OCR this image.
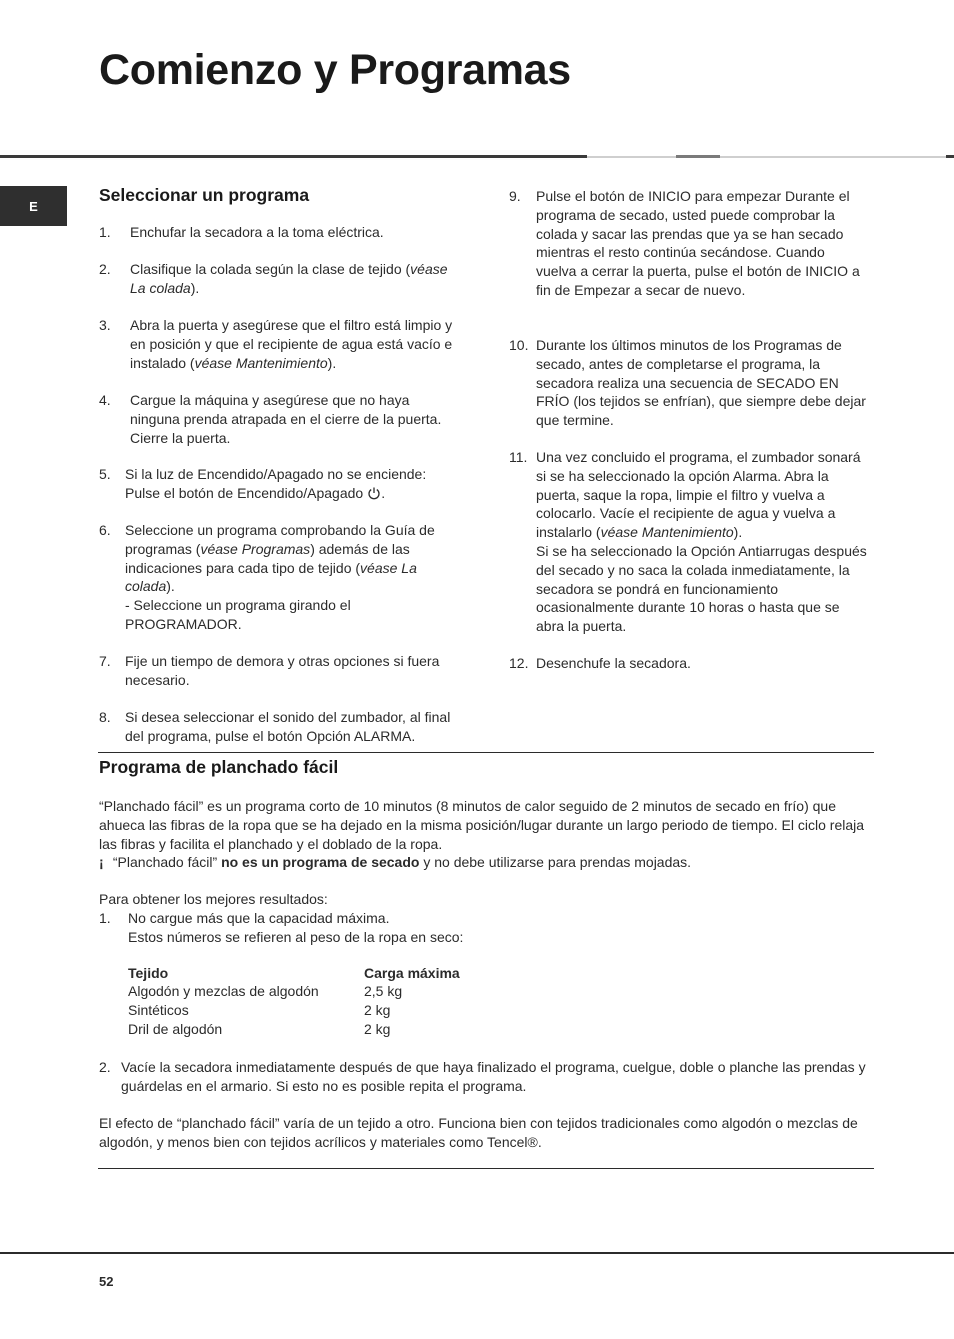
Comienzo y Programas
E
Seleccionar un programa
1.	Enchufar la secadora a la toma eléctrica.
2.	Clasifique la colada según la clase de tejido (véase La colada).
3.	Abra la puerta y asegúrese que el filtro está limpio y en posición y que el recipiente de agua está vacío e instalado (véase Mantenimiento).
4.	Cargue la máquina y asegúrese que no haya ninguna prenda atrapada en el cierre de la puerta. Cierre la puerta.
5.	Si la luz de Encendido/Apagado no se enciende: Pulse el botón de Encendido/Apagado .
6.	Seleccione un programa comprobando la Guía de programas (véase Programas) además de las indicaciones para cada tipo de tejido (véase La colada).
- Seleccione un programa girando el PROGRAMADOR.
7.	Fije un tiempo de demora y otras opciones si fuera necesario.
8.	Si desea seleccionar el sonido del zumbador, al final del programa, pulse el botón Opción ALARMA.
9.	Pulse el botón de INICIO para empezar Durante el programa de secado, usted puede comprobar la colada y sacar las prendas que ya se han secado mientras el resto continúa secándose. Cuando vuelva a cerrar la puerta, pulse el botón de INICIO a fin de Empezar a secar de nuevo.
10. Durante los últimos minutos de los Programas de secado, antes de completarse el programa, la secadora realiza una secuencia de SECADO EN FRÍO (los tejidos se enfrían), que siempre debe dejar que termine.
11. Una vez concluido el programa, el zumbador sonará si se ha seleccionado la opción Alarma. Abra la puerta, saque la ropa, limpie el filtro y vuelva a colocarlo. Vacíe el recipiente de agua y vuelva a instalarlo (véase Mantenimiento).
Si se ha seleccionado la Opción Antiarrugas después del secado y no saca la colada inmediatamente, la secadora se pondrá en funcionamiento ocasionalmente durante 10 horas o hasta que se abra la puerta.
12. Desenchufe la secadora.
Programa de planchado fácil
“Planchado fácil” es un programa corto de 10 minutos (8 minutos de calor seguido de 2 minutos de secado en frío) que ahueca las fibras de la ropa que se ha dejado en la misma posición/lugar durante un largo periodo de tiempo. El ciclo relaja las fibras y facilita el planchado y el doblado de la ropa.
¡ “Planchado fácil” no es un programa de secado y no debe utilizarse para prendas mojadas.
Para obtener los mejores resultados:
1.	No cargue más que la capacidad máxima.
Estos números se refieren al peso de la ropa en seco:
Tejido	Carga máxima
Algodón y mezclas de algodón	2,5 kg
Sintéticos	2 kg
Dril de algodón	2 kg
2. Vacíe la secadora inmediatamente después de que haya finalizado el programa, cuelgue, doble o planche las prendas y guárdelas en el armario. Si esto no es posible repita el programa.
El efecto de “planchado fácil” varía de un tejido a otro. Funciona bien con tejidos tradicionales como algodón o mezclas de algodón, y menos bien con tejidos acrílicos y materiales como Tencel®.
52
